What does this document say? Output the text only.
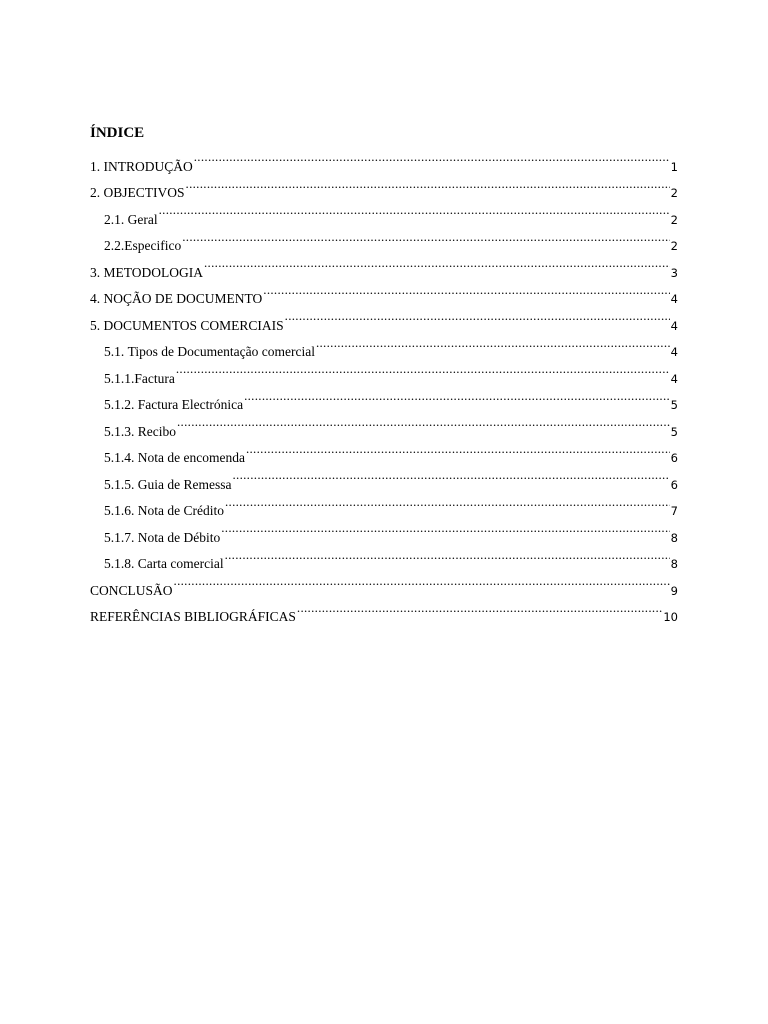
ÍNDICE
1. INTRODUÇÃO .....	1
2. OBJECTIVOS .....	2
2.1. Geral .....	2
2.2. Especifico .....	2
3. METODOLOGIA .....	3
4. NOÇÃO DE DOCUMENTO .....	4
5. DOCUMENTOS COMERCIAIS .....	4
5.1. Tipos de Documentação comercial .....	4
5.1.1. Factura .....	4
5.1.2. Factura Electrónica .....	5
5.1.3. Recibo .....	5
5.1.4. Nota de encomenda .....	6
5.1.5. Guia de Remessa .....	6
5.1.6. Nota de Crédito .....	7
5.1.7. Nota de Débito .....	8
5.1.8. Carta comercial .....	8
CONCLUSÃO .....	9
REFERÊNCIAS BIBLIOGRÁFICAS .....	10
